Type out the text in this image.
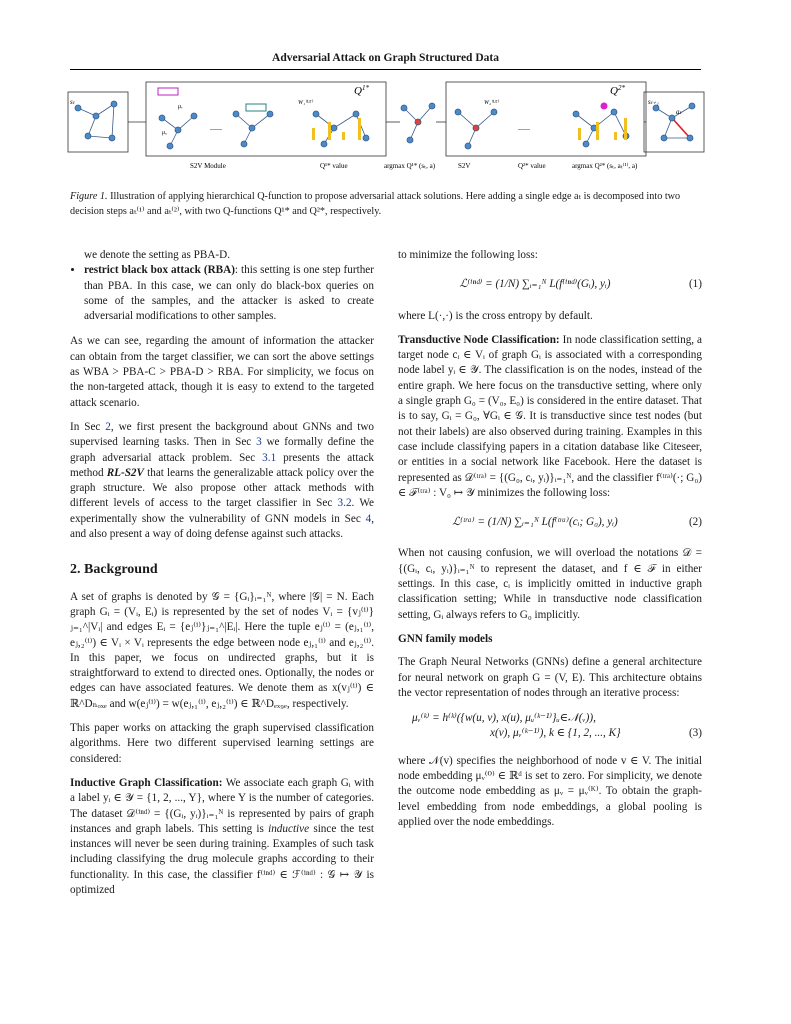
Adversarial Attack on Graph Structured Data
sₜ	sₜ₊₁
aₜ
μᵥ
μᵤ
W₁⁽¹ʲ²⁾	W₂⁽¹ʲ²⁾
......	......
$Q^{1*}$	$Q^{2*}$
S2V Module	Q¹* value	argmax Q¹* (sₜ, a)	S2V	Q²* value	argmax Q²* (sₜ, aₜ⁽¹⁾, a)
Figure 1. Illustration of applying hierarchical Q-function to propose adversarial attack solutions. Here adding a single edge aₜ is decomposed into two decision steps aₜ⁽¹⁾ and aₜ⁽²⁾, with two Q-functions Q¹* and Q²*, respectively.
we denote the setting as PBA-D.
• restrict black box attack (RBA): this setting is one step further than PBA. In this case, we can only do black-box queries on some of the samples, and the attacker is asked to create adversarial modifications to other samples.

As we can see, regarding the amount of information the attacker can obtain from the target classifier, we can sort the above settings as WBA > PBA-C > PBA-D > RBA. For simplicity, we focus on the non-targeted attack, though it is easy to extend to the targeted attack scenario.

In Sec 2, we first present the background about GNNs and two supervised learning tasks. Then in Sec 3 we formally define the graph adversarial attack problem. Sec 3.1 presents the attack method RL-S2V that learns the generalizable attack policy over the graph structure. We also propose other attack methods with different levels of access to the target classifier in Sec 3.2. We experimentally show the vulnerability of GNN models in Sec 4, and also present a way of doing defense against such attacks.

2. Background

A set of graphs is denoted by 𝒢 = {Gᵢ}ᵢ₌₁ᴺ, where |𝒢| = N. Each graph Gᵢ = (Vᵢ, Eᵢ) is represented by the set of nodes Vᵢ = {vⱼ⁽ⁱ⁾}ⱼ₌₁^|Vᵢ| and edges Eᵢ = {eⱼ⁽ⁱ⁾}ⱼ₌₁^|Eᵢ|. Here the tuple eⱼ⁽ⁱ⁾ = (eⱼ,₁⁽ⁱ⁾, eⱼ,₂⁽ⁱ⁾) ∈ Vᵢ × Vᵢ represents the edge between node eⱼ,₁⁽ⁱ⁾ and eⱼ,₂⁽ⁱ⁾. In this paper, we focus on undirected graphs, but it is straightforward to extend to directed ones. Optionally, the nodes or edges can have associated features. We denote them as x(vⱼ⁽ⁱ⁾) ∈ ℝ^Dₙₒₓₑ and w(eⱼ⁽ⁱ⁾) = w(eⱼ,₁⁽ⁱ⁾, eⱼ,₂⁽ⁱ⁾) ∈ ℝ^Dₑₓ₉ₑ, respectively.

This paper works on attacking the graph supervised classification algorithms. Here two different supervised learning settings are considered:

Inductive Graph Classification: We associate each graph Gᵢ with a label yᵢ ∈ 𝒴 = {1, 2, ..., Y}, where Y is the number of categories. The dataset 𝒟⁽ⁱⁿᵈ⁾ = {(Gᵢ, yᵢ)}ᵢ₌₁ᴺ is represented by pairs of graph instances and graph labels. This setting is inductive since the test instances will never be seen during training. Examples of such task including classifying the drug molecule graphs according to their functionality. In this case, the classifier f⁽ⁱⁿᵈ⁾ ∈ ℱ⁽ⁱⁿᵈ⁾ : 𝒢 ↦ 𝒴 is optimized

to minimize the following loss:

ℒ⁽ⁱⁿᵈ⁾ = (1/N) ∑ᵢ₌₁ᴺ L(f⁽ⁱⁿᵈ⁾(Gᵢ), yᵢ)	(1)

where L(·,·) is the cross entropy by default.

Transductive Node Classification: In node classification setting, a target node cᵢ ∈ Vᵢ of graph Gᵢ is associated with a corresponding node label yᵢ ∈ 𝒴. The classification is on the nodes, instead of the entire graph. We here focus on the transductive setting, where only a single graph G₀ = (V₀, E₀) is considered in the entire dataset. That is to say, Gᵢ = G₀, ∀Gᵢ ∈ 𝒢. It is transductive since test nodes (but not their labels) are also observed during training. Examples in this case include classifying papers in a citation database like Citeseer, or entities in a social network like Facebook. Here the dataset is represented as 𝒟⁽ᵗʳᵃ⁾ = {(G₀, cᵢ, yᵢ)}ᵢ₌₁ᴺ, and the classifier f⁽ᵗʳᵃ⁾(·; G₀) ∈ ℱ⁽ᵗʳᵃ⁾ : V₀ ↦ 𝒴 minimizes the following loss:

ℒ⁽ᵗʳᵃ⁾ = (1/N) ∑ᵢ₌₁ᴺ L(f⁽ᵗʳᵃ⁾(cᵢ; G₀), yᵢ)	(2)

When not causing confusion, we will overload the notations 𝒟 = {(Gᵢ, cᵢ, yᵢ)}ᵢ₌₁ᴺ to represent the dataset, and f ∈ ℱ in either settings. In this case, cᵢ is implicitly omitted in inductive graph classification setting; While in transductive node classification setting, Gᵢ always refers to G₀ implicitly.

GNN family models

The Graph Neural Networks (GNNs) define a general architecture for neural network on graph G = (V, E). This architecture obtains the vector representation of nodes through an iterative process:

μᵥ⁽ᵏ⁾ = h⁽ᵏ⁾({w(u, v), x(u), μᵤ⁽ᵏ⁻¹⁾}ᵤ∈𝒩(ᵥ)),
x(v), μᵥ⁽ᵏ⁻¹⁾), k ∈ {1, 2, ..., K}	(3)

where 𝒩(v) specifies the neighborhood of node v ∈ V. The initial node embedding μᵥ⁽⁰⁾ ∈ ℝᵈ is set to zero. For simplicity, we denote the outcome node embedding as μᵥ = μᵥ⁽ᴷ⁾. To obtain the graph-level embedding from node embeddings, a global pooling is applied over the node embeddings.
